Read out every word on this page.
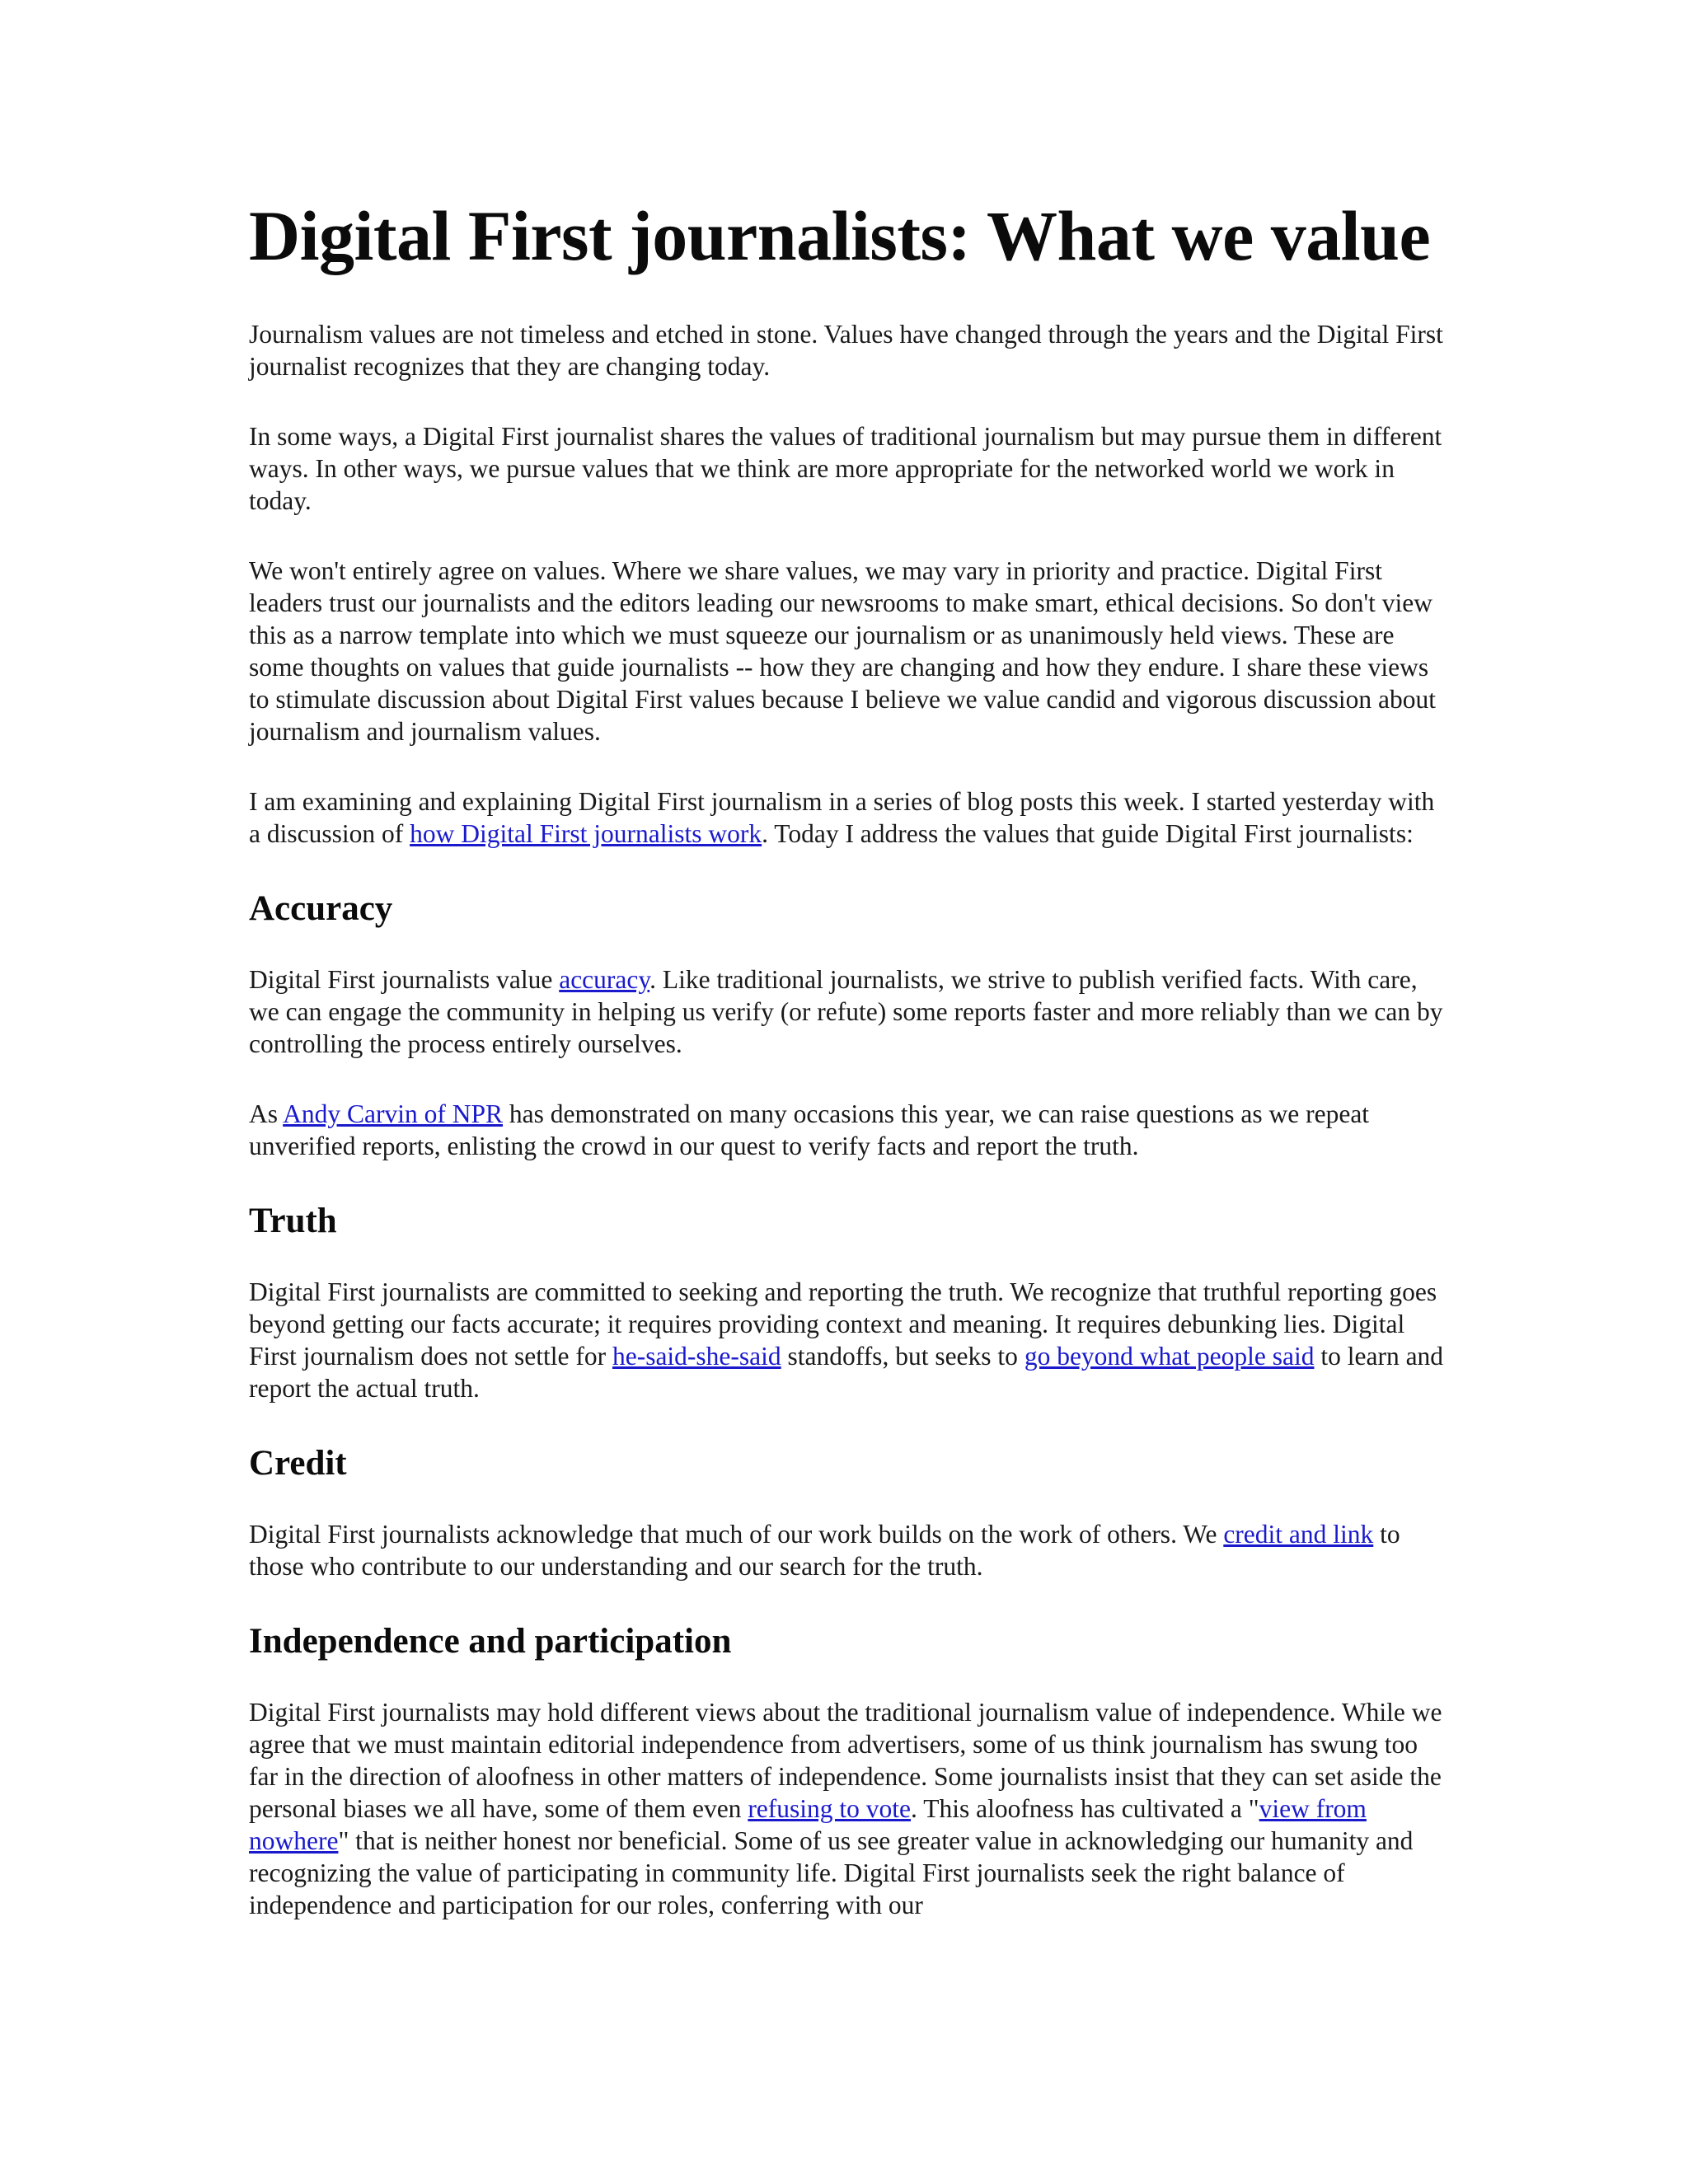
Digital First journalists: What we value

Journalism values are not timeless and etched in stone. Values have changed through the years and the Digital First journalist recognizes that they are changing today.

In some ways, a Digital First journalist shares the values of traditional journalism but may pursue them in different ways. In other ways, we pursue values that we think are more appropriate for the networked world we work in today.

We won't entirely agree on values. Where we share values, we may vary in priority and practice. Digital First leaders trust our journalists and the editors leading our newsrooms to make smart, ethical decisions. So don't view this as a narrow template into which we must squeeze our journalism or as unanimously held views. These are some thoughts on values that guide journalists -- how they are changing and how they endure. I share these views to stimulate discussion about Digital First values because I believe we value candid and vigorous discussion about journalism and journalism values.

I am examining and explaining Digital First journalism in a series of blog posts this week. I started yesterday with a discussion of how Digital First journalists work. Today I address the values that guide Digital First journalists:

Accuracy

Digital First journalists value accuracy. Like traditional journalists, we strive to publish verified facts. With care, we can engage the community in helping us verify (or refute) some reports faster and more reliably than we can by controlling the process entirely ourselves.

As Andy Carvin of NPR has demonstrated on many occasions this year, we can raise questions as we repeat unverified reports, enlisting the crowd in our quest to verify facts and report the truth.

Truth

Digital First journalists are committed to seeking and reporting the truth. We recognize that truthful reporting goes beyond getting our facts accurate; it requires providing context and meaning. It requires debunking lies. Digital First journalism does not settle for he-said-she-said standoffs, but seeks to go beyond what people said to learn and report the actual truth.

Credit

Digital First journalists acknowledge that much of our work builds on the work of others. We credit and link to those who contribute to our understanding and our search for the truth.

Independence and participation

Digital First journalists may hold different views about the traditional journalism value of independence. While we agree that we must maintain editorial independence from advertisers, some of us think journalism has swung too far in the direction of aloofness in other matters of independence. Some journalists insist that they can set aside the personal biases we all have, some of them even refusing to vote. This aloofness has cultivated a "view from nowhere" that is neither honest nor beneficial. Some of us see greater value in acknowledging our humanity and recognizing the value of participating in community life. Digital First journalists seek the right balance of independence and participation for our roles, conferring with our
